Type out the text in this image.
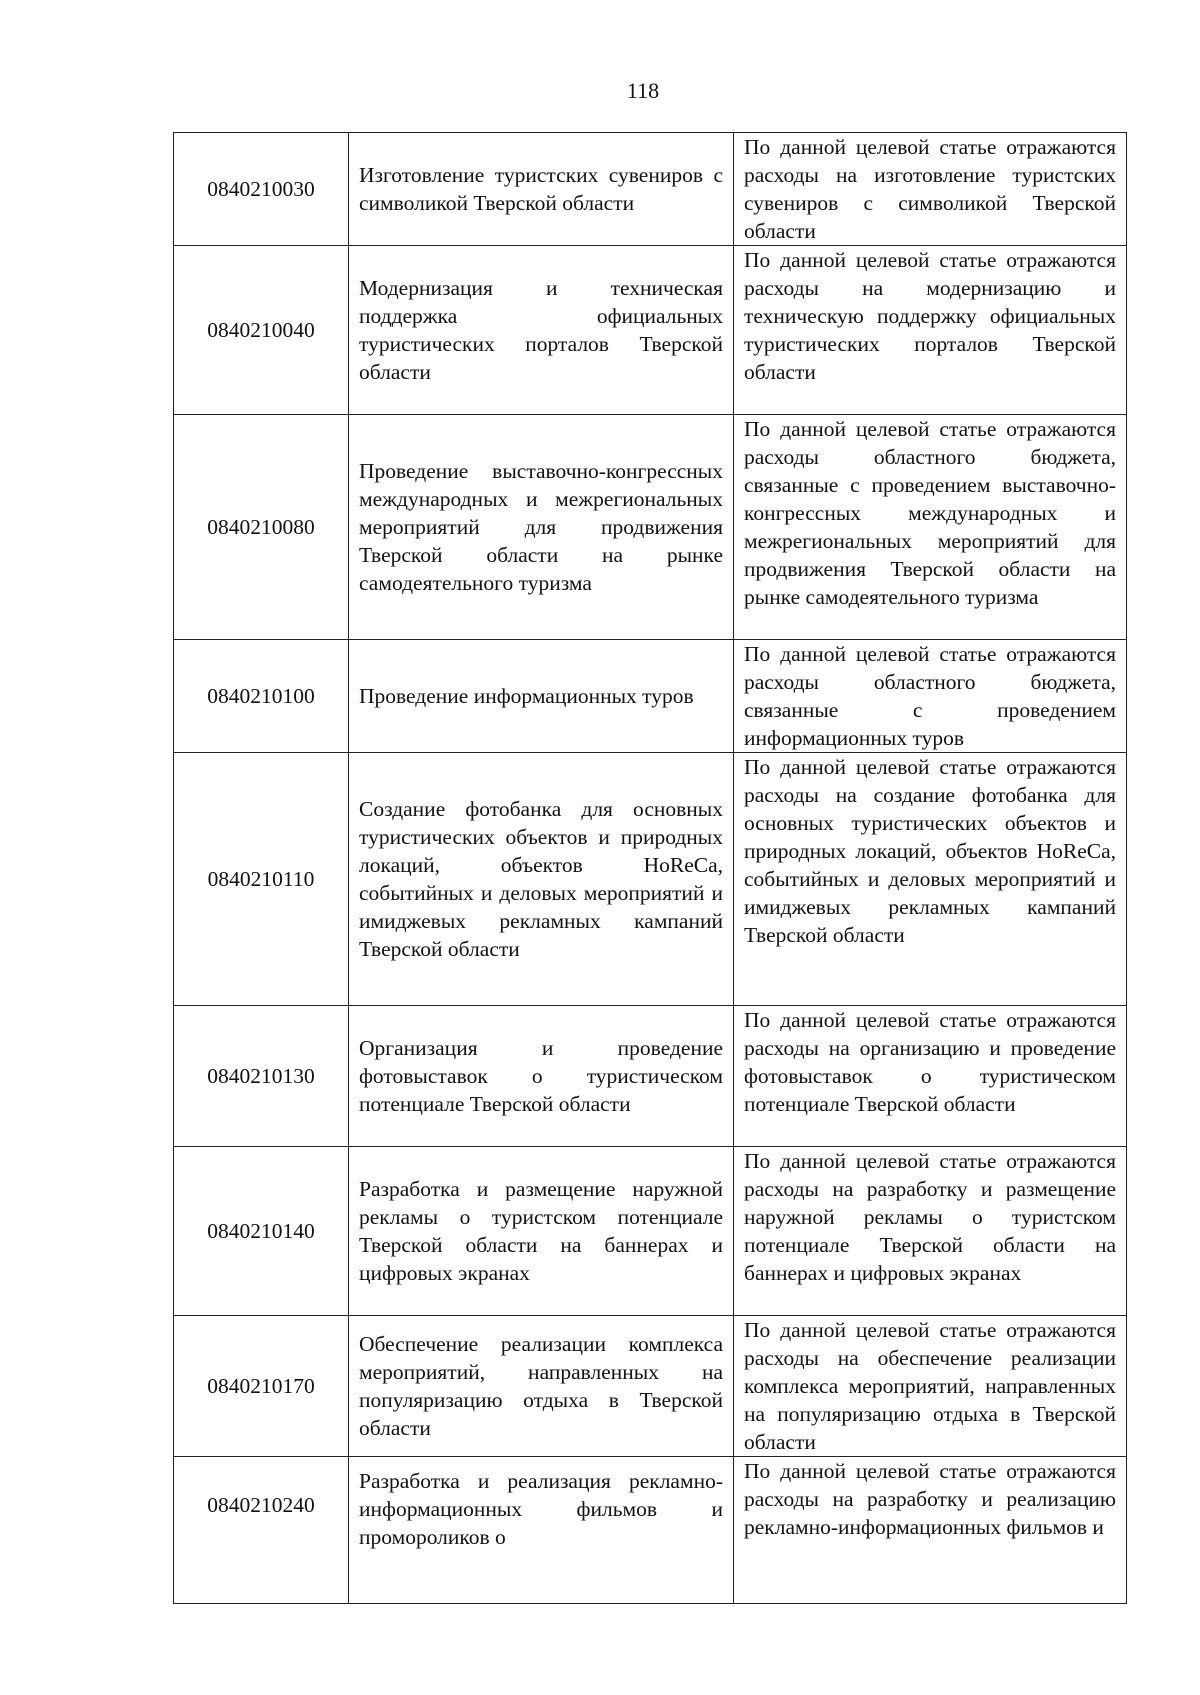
118
0840210030	Изготовление туристских сувениров с символикой Тверской области	По данной целевой статье отражаются расходы на изготовление туристских сувениров с символикой Тверской области
0840210040	Модернизация и техническая поддержка официальных туристических порталов Тверской области	По данной целевой статье отражаются расходы на модернизацию и техническую поддержку официальных туристических порталов Тверской области
0840210080	Проведение выставочно-конгрессных международных и межрегиональных мероприятий для продвижения Тверской области на рынке самодеятельного туризма	По данной целевой статье отражаются расходы областного бюджета, связанные с проведением выставочно-конгрессных международных и межрегиональных мероприятий для продвижения Тверской области на рынке самодеятельного туризма
0840210100	Проведение информационных туров	По данной целевой статье отражаются расходы областного бюджета, связанные с проведением информационных туров
0840210110	Создание фотобанка для основных туристических объектов и природных локаций, объектов HoReCa, событийных и деловых мероприятий и имиджевых рекламных кампаний Тверской области	По данной целевой статье отражаются расходы на создание фотобанка для основных туристических объектов и природных локаций, объектов HoReCa, событийных и деловых мероприятий и имиджевых рекламных кампаний Тверской области
0840210130	Организация и проведение фотовыставок о туристическом потенциале Тверской области	По данной целевой статье отражаются расходы на организацию и проведение фотовыставок о туристическом потенциале Тверской области
0840210140	Разработка и размещение наружной рекламы о туристском потенциале Тверской области на баннерах и цифровых экранах	По данной целевой статье отражаются расходы на разработку и размещение наружной рекламы о туристском потенциале Тверской области на баннерах и цифровых экранах
0840210170	Обеспечение реализации комплекса мероприятий, направленных на популяризацию отдыха в Тверской области	По данной целевой статье отражаются расходы на обеспечение реализации комплекса мероприятий, направленных на популяризацию отдыха в Тверской области
0840210240	Разработка и реализация рекламно-информационных фильмов и промороликов о	По данной целевой статье отражаются расходы на разработку и реализацию рекламно-информационных фильмов и
